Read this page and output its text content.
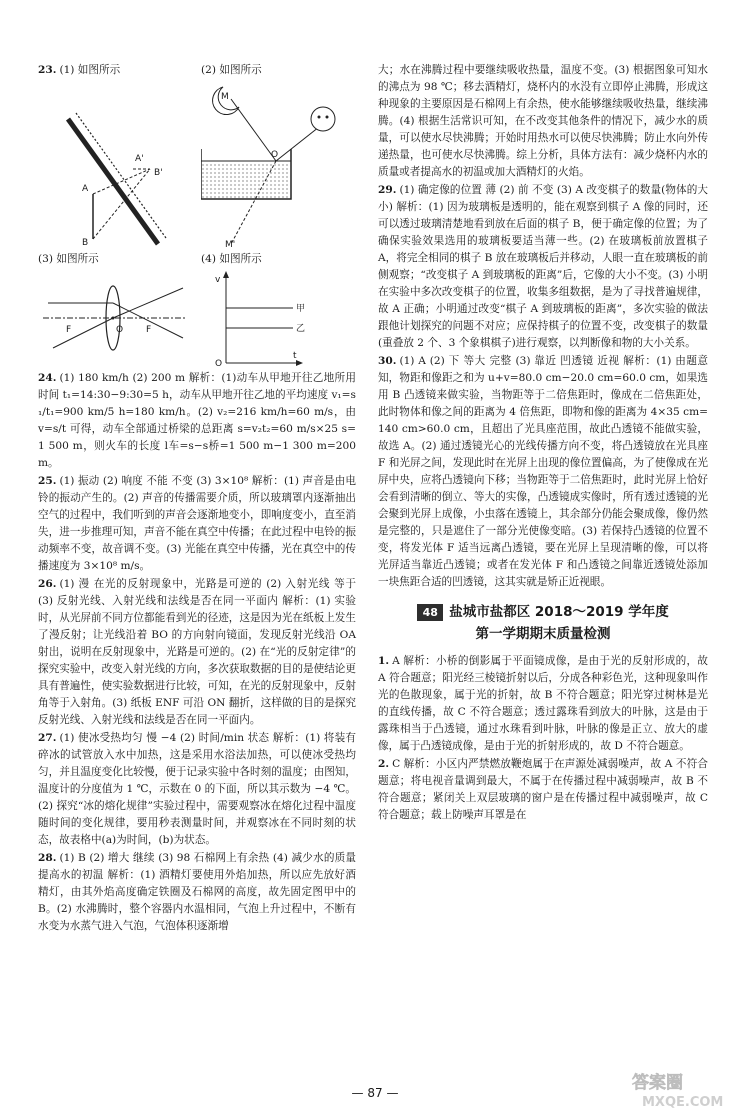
23. (1) 如图所示
A
B
A'
B'
(2) 如图所示
M
O
M'
(3) 如图所示
F	O	F
(4) 如图所示
v
甲
乙
O
t

24. (1) 180 km/h (2) 200 m 解析：(1)动车从甲地开往乙地所用时间 t₁=14:30−9:30=5 h，动车从甲地开往乙地的平均速度 v₁=s₁/t₁=900 km/5 h=180 km/h。(2) v₂=216 km/h=60 m/s，由 v=s/t 可得，动车全部通过桥梁的总距离 s=v₂t₂=60 m/s×25 s=1 500 m，则火车的长度 l车=s−s桥=1 500 m−1 300 m=200 m。

25. (1) 振动 (2) 响度 不能 不变 (3) 3×10⁸ 解析：(1) 声音是由电铃的振动产生的。(2) 声音的传播需要介质，所以玻璃罩内逐渐抽出空气的过程中，我们听到的声音会逐渐地变小，即响度变小，直至消失，进一步推理可知，声音不能在真空中传播；在此过程中电铃的振动频率不变，故音调不变。(3) 光能在真空中传播，光在真空中的传播速度为 3×10⁸ m/s。

26. (1) 漫 在光的反射现象中，光路是可逆的 (2) 入射光线 等于 (3) 反射光线、入射光线和法线是否在同一平面内 解析：(1) 实验时，从光屏前不同方位都能看到光的径迹，这是因为光在纸板上发生了漫反射；让光线沿着 BO 的方向射向镜面，发现反射光线沿 OA 射出，说明在反射现象中，光路是可逆的。(2) 在“光的反射定律”的探究实验中，改变入射光线的方向，多次获取数据的目的是使结论更具有普遍性，使实验数据进行比较，可知，在光的反射现象中，反射角等于入射角。(3) 纸板 ENF 可沿 ON 翻折，这样做的目的是探究反射光线、入射光线和法线是否在同一平面内。

27. (1) 使冰受热均匀 慢 −4 (2) 时间/min 状态 解析：(1) 将装有碎冰的试管放入水中加热，这是采用水浴法加热，可以使冰受热均匀，并且温度变化比较慢，便于记录实验中各时刻的温度；由图知，温度计的分度值为 1 ℃，示数在 0 的下面，所以其示数为 −4 ℃。(2) 探究“冰的熔化规律”实验过程中，需要观察冰在熔化过程中温度随时间的变化规律，要用秒表测量时间，并观察冰在不同时刻的状态，故表格中(a)为时间，(b)为状态。

28. (1) B (2) 增大 继续 (3) 98 石棉网上有余热 (4) 减少水的质量 提高水的初温 解析：(1) 酒精灯要使用外焰加热，所以应先放好酒精灯，由其外焰高度确定铁圈及石棉网的高度，故先固定图甲中的 B。(2) 水沸腾时，整个容器内水温相同，气泡上升过程中，不断有水变为水蒸气进入气泡，气泡体积逐渐增

大；水在沸腾过程中要继续吸收热量，温度不变。(3) 根据图象可知水的沸点为 98 ℃；移去酒精灯，烧杯内的水没有立即停止沸腾，形成这种现象的主要原因是石棉网上有余热，使水能够继续吸收热量，继续沸腾。(4) 根据生活常识可知，在不改变其他条件的情况下，减少水的质量，可以使水尽快沸腾；开始时用热水可以使尽快沸腾；防止水向外传递热量，也可使水尽快沸腾。综上分析，具体方法有：减少烧杯内水的质量或者提高水的初温或加大酒精灯的火焰。

29. (1) 确定像的位置 薄 (2) 前 不变 (3) A 改变棋子的数量(物体的大小) 解析：(1) 因为玻璃板是透明的，能在观察到棋子 A 像的同时，还可以透过玻璃清楚地看到放在后面的棋子 B，便于确定像的位置；为了确保实验效果选用的玻璃板要适当薄一些。(2) 在玻璃板前放置棋子 A，将完全相同的棋子 B 放在玻璃板后并移动，人眼一直在玻璃板的前侧观察；“改变棋子 A 到玻璃板的距离”后，它像的大小不变。(3) 小明在实验中多次改变棋子的位置，收集多组数据，是为了寻找普遍规律，故 A 正确；小明通过改变“棋子 A 到玻璃板的距离”，多次实验的做法跟他计划探究的问题不对应；应保持棋子的位置不变，改变棋子的数量(重叠放 2 个、3 个象棋棋子)进行观察，以判断像和物的大小关系。

30. (1) A (2) 下 等大 完整 (3) 靠近 凹透镜 近视 解析：(1) 由题意知，物距和像距之和为 u+v=80.0 cm−20.0 cm=60.0 cm，如果选用 B 凸透镜来做实验，当物距等于二倍焦距时，像成在二倍焦距处，此时物体和像之间的距离为 4 倍焦距，即物和像的距离为 4×35 cm=140 cm>60.0 cm，且超出了光具座范围，故此凸透镜不能做实验，故选 A。(2) 通过透镜光心的光线传播方向不变，将凸透镜放在光具座 F 和光屏之间，发现此时在光屏上出现的像位置偏高，为了使像成在光屏中央，应将凸透镜向下移；当物距等于二倍焦距时，此时光屏上恰好会看到清晰的倒立、等大的实像，凸透镜成实像时，所有透过透镜的光会聚到光屏上成像，小虫落在透镜上，其余部分仍能会聚成像，像仍然是完整的，只是遮住了一部分光使像变暗。(3) 若保持凸透镜的位置不变，将发光体 F 适当远离凸透镜，要在光屏上呈现清晰的像，可以将光屏适当靠近凸透镜；或者在发光体 F 和凸透镜之间靠近透镜处添加一块焦距合适的凹透镜，这其实就是矫正近视眼。

48 盐城市盐都区 2018～2019 学年度
第一学期期末质量检测

1. A 解析：小桥的倒影属于平面镜成像，是由于光的反射形成的，故 A 符合题意；阳光经三棱镜折射以后，分成各种彩色光，这种现象叫作光的色散现象，属于光的折射，故 B 不符合题意；阳光穿过树林是光的直线传播，故 C 不符合题意；透过露珠看到放大的叶脉，这是由于露珠相当于凸透镜，通过水珠看到叶脉，叶脉的像是正立、放大的虚像，属于凸透镜成像，是由于光的折射形成的，故 D 不符合题意。

2. C 解析：小区内严禁燃放鞭炮属于在声源处减弱噪声，故 A 不符合题意；将电视音量调到最大，不属于在传播过程中减弱噪声，故 B 不符合题意；紧闭关上双层玻璃的窗户是在传播过程中减弱噪声，故 C 符合题意；载上防噪声耳罩是在

— 87 —	答案圈
MXQE.COM
